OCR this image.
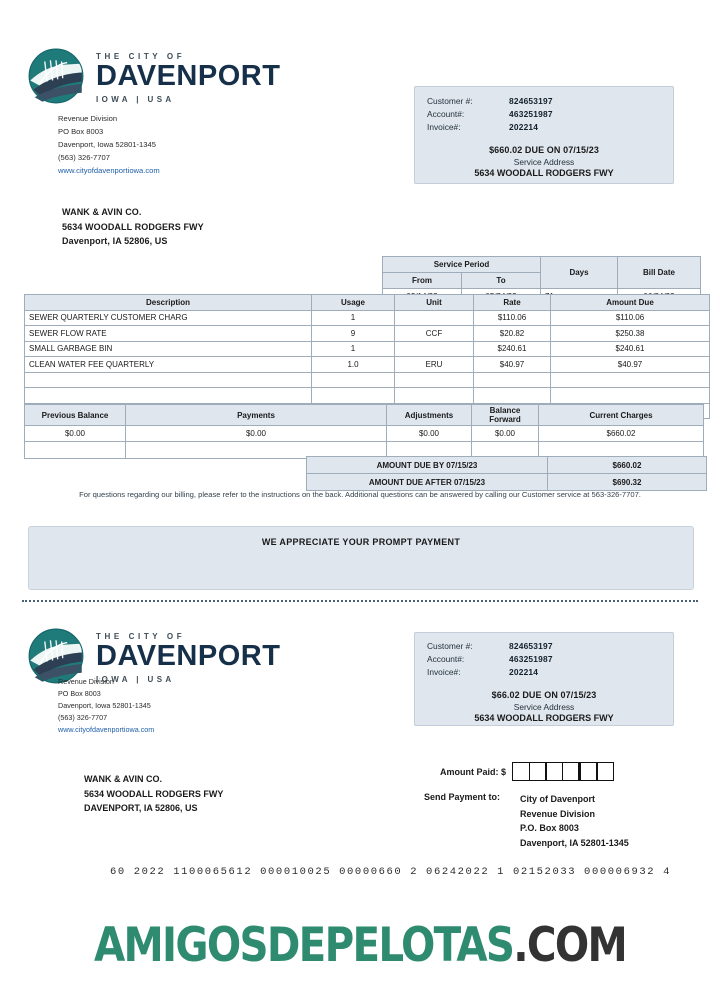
THE CITY OF
DAVENPORT
IOWA | USA
Revenue Division
PO Box 8003
Davenport, Iowa 52801-1345
(563) 326-7707
www.cityofdavenportiowa.com
Customer #:	824653197
Account#:	463251987
Invoice#:	202214
$660.02 DUE ON 07/15/23
Service Address
5634 WOODALL RODGERS FWY
WANK & AVIN CO.
5634 WOODALL RODGERS FWY
Davenport, IA 52806, US
Service Period		Days	Bill Date
From	To		

Description	Usage	Unit	Rate	Amount Due
SEWER QUARTERLY CUSTOMER CHARG	1		$110.06	$110.06
SEWER FLOW RATE	9	CCF	$20.82	$250.38
SMALL GARBAGE BIN	1		$240.61	$240.61
CLEAN WATER FEE QUARTERLY	1.0	ERU	$40.97	$40.97

Previous Balance	Payments	Adjustments	Balance Forward	Current Charges
$0.00	$0.00	$0.00	$0.00	$660.02

AMOUNT DUE BY 07/15/23	$660.02
AMOUNT DUE AFTER 07/15/23	$690.32
For questions regarding our billing, please refer to the instructions on the back. Additional questions can be answered by calling our Customer service at 563-326-7707.
WE APPRECIATE YOUR PROMPT PAYMENT
THE CITY OF
DAVENPORT
IOWA | USA
Revenue Division
PO Box 8003
Davenport, Iowa 52801-1345
(563) 326-7707
www.cityofdavenportiowa.com
Customer #:	824653197
Account#:	463251987
Invoice#:	202214
$66.02 DUE ON 07/15/23
Service Address
5634 WOODALL RODGERS FWY
WANK & AVIN CO.
5634 WOODALL RODGERS FWY
DAVENPORT, IA 52806, US
Amount Paid: $
Send Payment to:	City of Davenport
Revenue Division
P.O. Box 8003
Davenport, IA 52801-1345
60 2022 1100065612 000010025 00000660 2 06242022 1 02152033 000006932 4
AMIGOSDEPELOTAS.COM
